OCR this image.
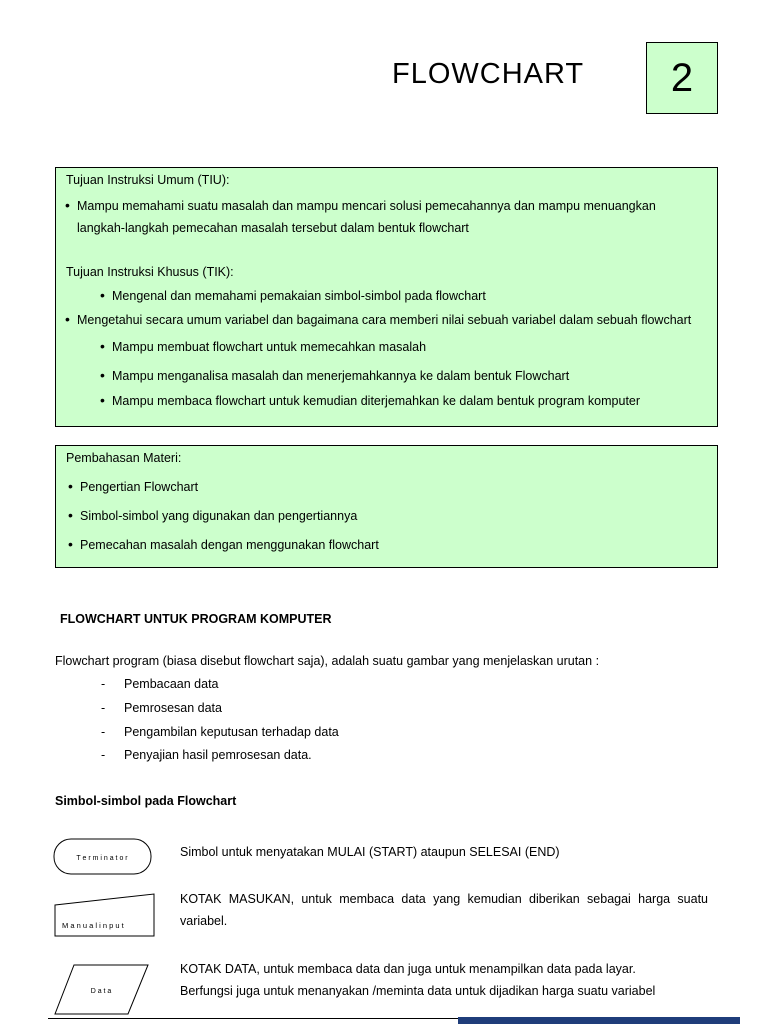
FLOWCHART 2
Tujuan Instruksi Umum (TIU):
• Mampu memahami suatu masalah dan mampu mencari solusi pemecahannya dan mampu menuangkan
langkah-langkah pemecahan masalah tersebut dalam bentuk flowchart
Tujuan Instruksi Khusus (TIK):
• Mengenal dan memahami pemakaian simbol-simbol pada flowchart
• Mengetahui secara umum variabel dan bagaimana cara memberi nilai sebuah variabel dalam sebuah flowchart
• Mampu membuat flowchart untuk memecahkan masalah
• Mampu menganalisa masalah dan menerjemahkannya ke dalam bentuk Flowchart
• Mampu membaca flowchart untuk kemudian diterjemahkan ke dalam bentuk program komputer
Pembahasan Materi:
• Pengertian Flowchart
• Simbol-simbol yang digunakan dan pengertiannya
• Pemecahan masalah dengan menggunakan flowchart
FLOWCHART UNTUK PROGRAM KOMPUTER
Flowchart program (biasa disebut flowchart saja), adalah suatu gambar yang menjelaskan urutan :
- Pembacaan data
- Pemrosesan data
- Pengambilan keputusan terhadap data
- Penyajian hasil pemrosesan data.
Simbol-simbol pada Flowchart
T e r m i n a t o r	Simbol untuk menyatakan MULAI (START) ataupun SELESAI (END)
M a n u a l i n p u t
KOTAK MASUKAN, untuk membaca data yang kemudian diberikan sebagai harga suatu variabel.
D a t a
KOTAK DATA, untuk membaca data dan juga untuk menampilkan data pada layar.
Berfungsi juga untuk menanyakan /meminta data untuk dijadikan harga suatu variabel
